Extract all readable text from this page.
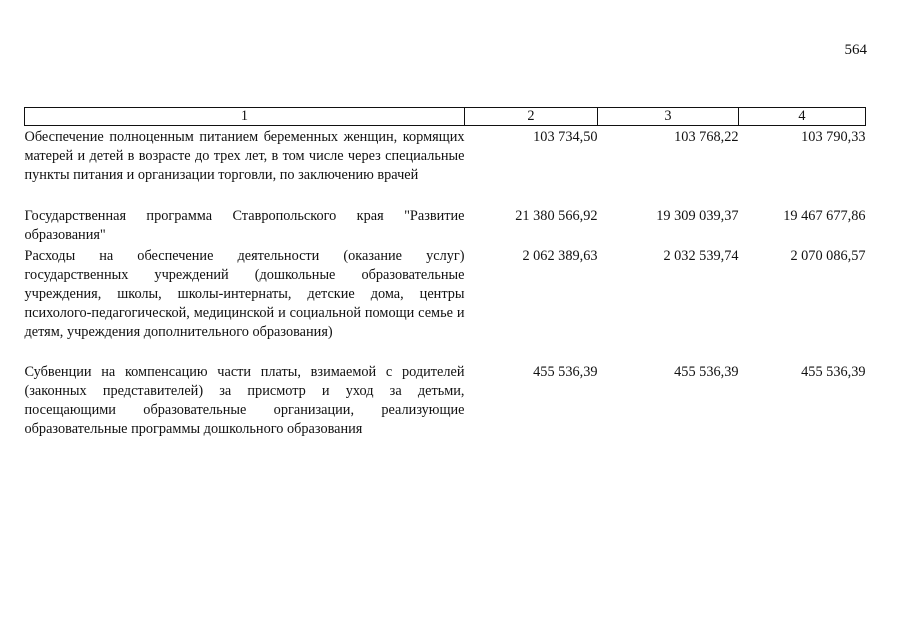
564
1	2	3	4
Обеспечение полноценным питанием беременных женщин, кормящих матерей и детей в возрасте до трех лет, в том числе через специальные пункты питания и организации торговли, по заключению врачей	103 734,50	103 768,22	103 790,33
Государственная программа Ставропольского края "Развитие образования"	21 380 566,92	19 309 039,37	19 467 677,86
Расходы на обеспечение деятельности (оказание услуг) государственных учреждений (дошкольные образовательные учреждения, школы, школы-интернаты, детские дома, центры психолого-педагогической, медицинской и социальной помощи семье и детям, учреждения дополнительного образования)	2 062 389,63	2 032 539,74	2 070 086,57
Субвенции на компенсацию части платы, взимаемой с родителей (законных представителей) за присмотр и уход за детьми, посещающими образовательные организации, реализующие образовательные программы дошкольного образования	455 536,39	455 536,39	455 536,39
